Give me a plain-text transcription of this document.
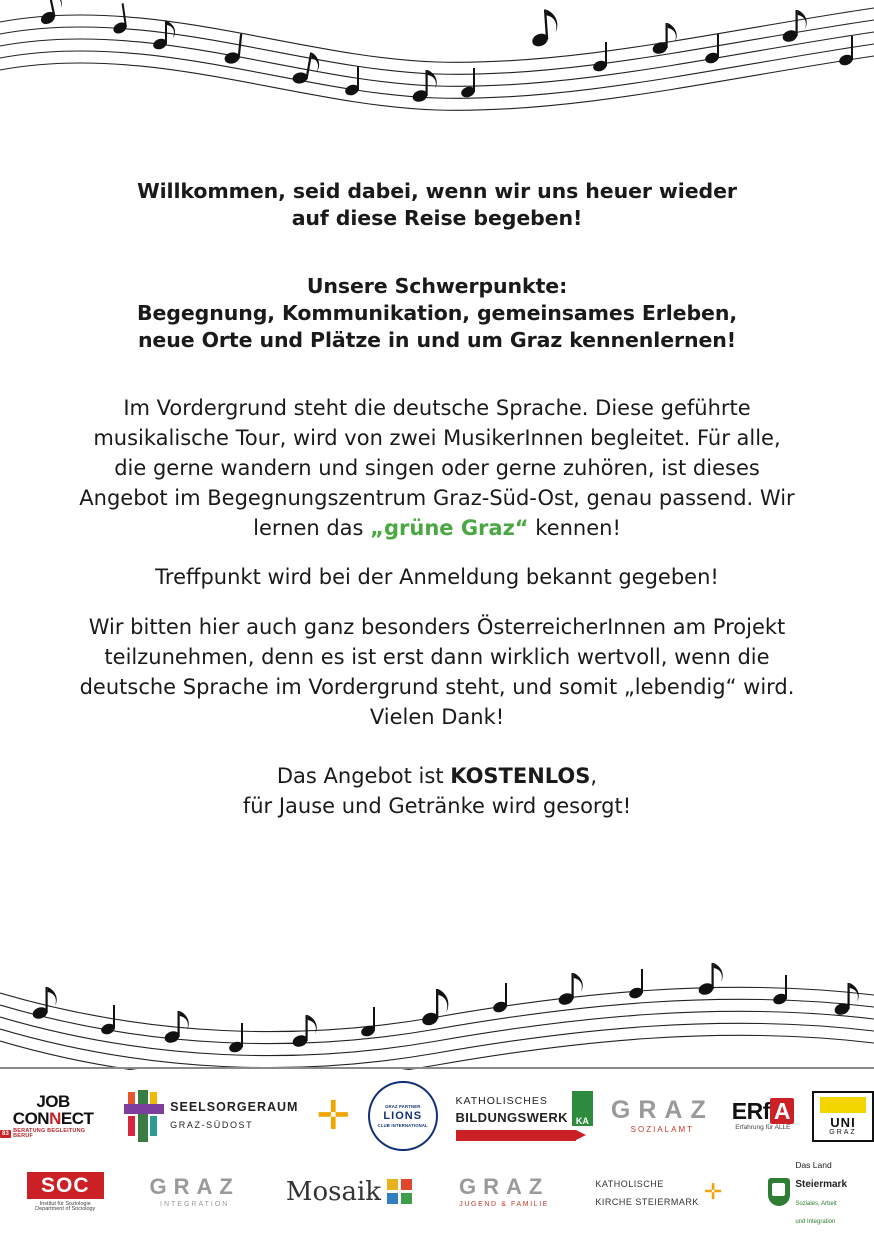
Willkommen, seid dabei, wenn wir uns heuer wieder
auf diese Reise begeben!
Unsere Schwerpunkte:
Begegnung, Kommunikation, gemeinsames Erleben,
neue Orte und Plätze in und um Graz kennenlernen!

Im Vordergrund steht die deutsche Sprache. Diese geführte musikalische Tour, wird von zwei MusikerInnen begleitet. Für alle, die gerne wandern und singen oder gerne zuhören, ist dieses Angebot im Begegnungszentrum Graz-Süd-Ost, genau passend. Wir lernen das „grüne Graz“ kennen!

Treffpunkt wird bei der Anmeldung bekannt gegeben!

Wir bitten hier auch ganz besonders ÖsterreicherInnen am Projekt teilzunehmen, denn es ist erst dann wirklich wertvoll, wenn die deutsche Sprache im Vordergrund steht, und somit „lebendig“ wird. Vielen Dank!

Das Angebot ist KOSTENLOS,
für Jause und Getränke wird gesorgt!

JOB
CONNECT
83
BERATUNG BEGLEITUNG BERUF
SEELSORGERAUM
GRAZ-SÜDOST	✛	GRAZ PARTNER
LIONS
CLUB INTERNATIONAL
KATHOLISCHES
BILDUNGSWERK KA GRAZ
SOZIALAMT
ERf A
Erfahrung für ALLE	UNI
GRAZ
SOC
Institut für Soziologie
Department of Sociology
GRAZ
INTEGRATION Mosaik	GRAZ
JUGEND & FAMILIE
KATHOLISCHE
KIRCHE STEIERMARK ✛
Das Land
Steiermark
Soziales, Arbeit
und Integration
